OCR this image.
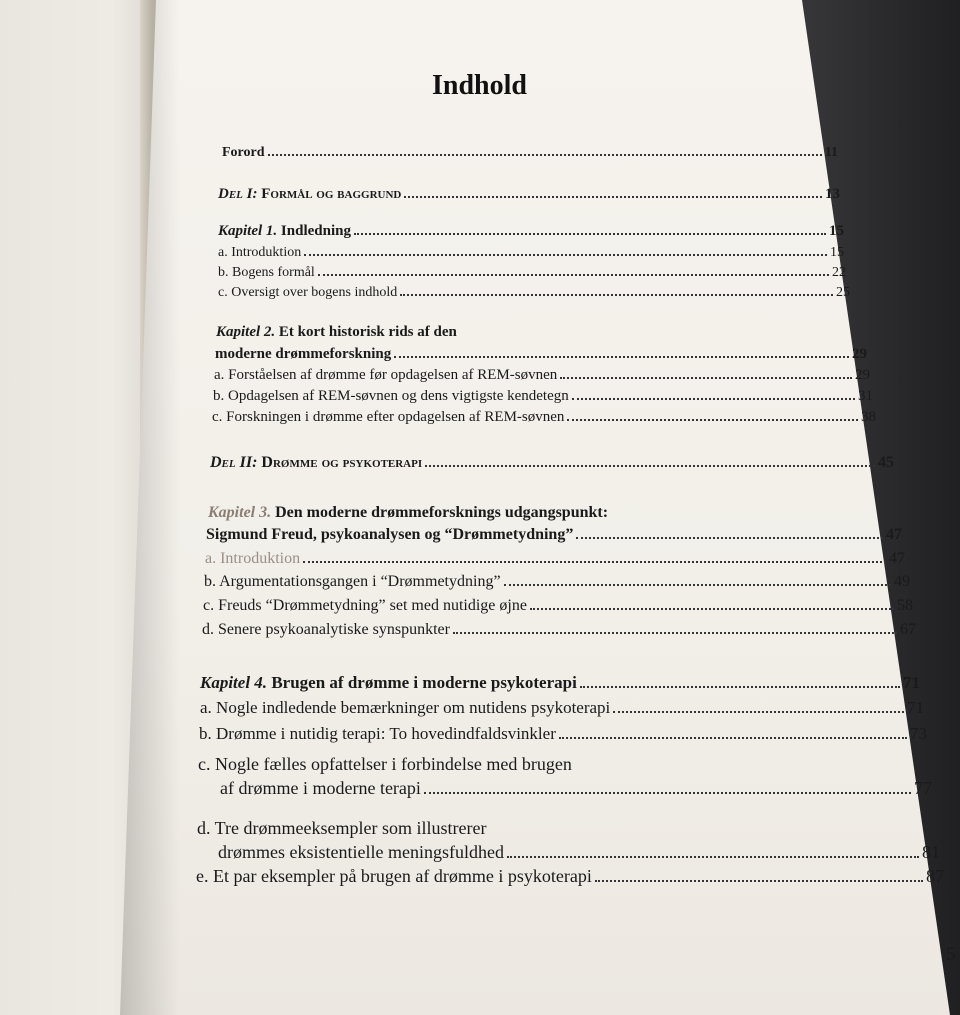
Indhold
Forord	11
Del I: Formål og baggrund	13
Kapitel 1. Indledning	15
a. Introduktion	15
b. Bogens formål	22
c. Oversigt over bogens indhold	25
Kapitel 2. Et kort historisk rids af den
moderne drømmeforskning	29
a. Forståelsen af drømme før opdagelsen af REM-søvnen	29
b. Opdagelsen af REM-søvnen og dens vigtigste kendetegn	31
c. Forskningen i drømme efter opdagelsen af REM-søvnen	38
Del II: Drømme og psykoterapi	45
Kapitel 3. Den moderne drømmeforsknings udgangspunkt:
Sigmund Freud, psykoanalysen og “Drømmetydning”	47
a. Introduktion	47
b. Argumentationsgangen i “Drømmetydning”	49
c. Freuds “Drømmetydning” set med nutidige øjne	58
d. Senere psykoanalytiske synspunkter	67
Kapitel 4. Brugen af drømme i moderne psykoterapi	71
a. Nogle indledende bemærkninger om nutidens psykoterapi	71
b. Drømme i nutidig terapi: To hovedindfaldsvinkler	73
c. Nogle fælles opfattelser i forbindelse med brugen
af drømme i moderne terapi	77
d. Tre drømmeeksempler som illustrerer
drømmes eksistentielle meningsfuldhed	81
e. Et par eksempler på brugen af drømme i psykoterapi	87
5
